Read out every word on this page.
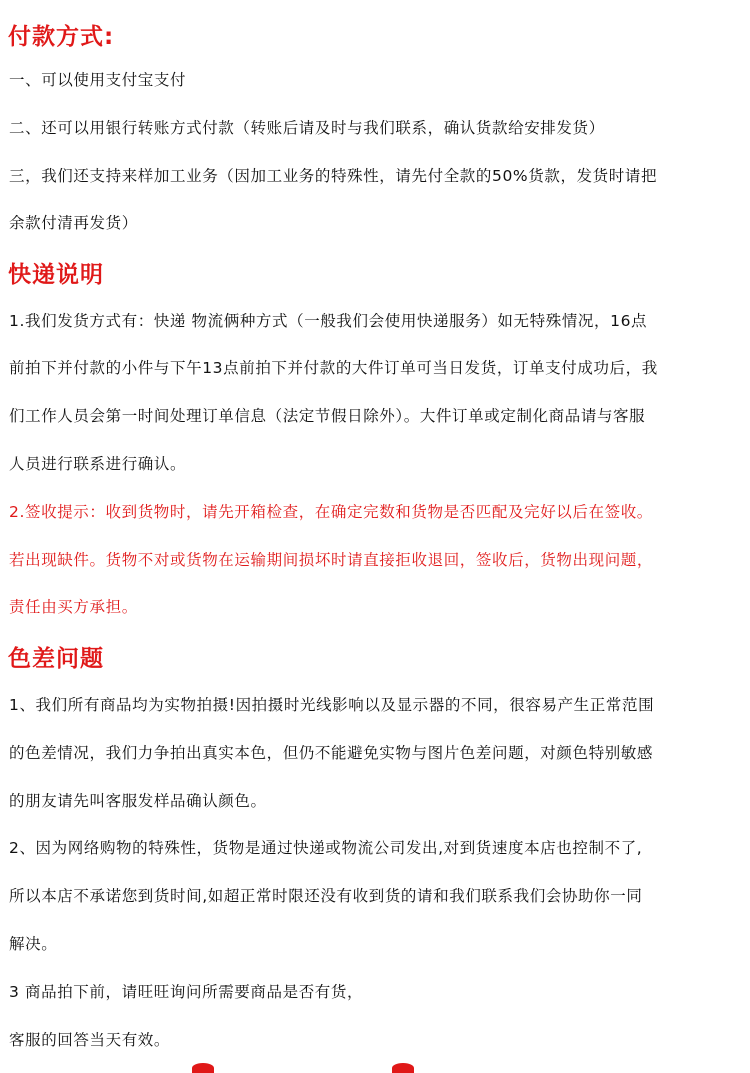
付款方式:
一、可以使用支付宝支付
二、还可以用银行转账方式付款（转账后请及时与我们联系，确认货款给安排发货）
三，我们还支持来样加工业务（因加工业务的特殊性，请先付全款的50%货款，发货时请把
余款付清再发货）
快递说明
1.我们发货方式有：快递 物流俩种方式（一般我们会使用快递服务）如无特殊情况，16点
前拍下并付款的小件与下午13点前拍下并付款的大件订单可当日发货，订单支付成功后，我
们工作人员会第一时间处理订单信息（法定节假日除外）。大件订单或定制化商品请与客服
人员进行联系进行确认。
2.签收提示：收到货物时，请先开箱检查，在确定完数和货物是否匹配及完好以后在签收。
若出现缺件。货物不对或货物在运输期间损坏时请直接拒收退回，签收后，货物出现问题，
责任由买方承担。
色差问题
1、我们所有商品均为实物拍摄!因拍摄时光线影响以及显示器的不同，很容易产生正常范围
的色差情况，我们力争拍出真实本色，但仍不能避免实物与图片色差问题，对颜色特别敏感
的朋友请先叫客服发样品确认颜色。
2、因为网络购物的特殊性，货物是通过快递或物流公司发出,对到货速度本店也控制不了,
所以本店不承诺您到货时间,如超正常时限还没有收到货的请和我们联系我们会协助你一同
解决。
3 商品拍下前，请旺旺询问所需要商品是否有货，
客服的回答当天有效。
